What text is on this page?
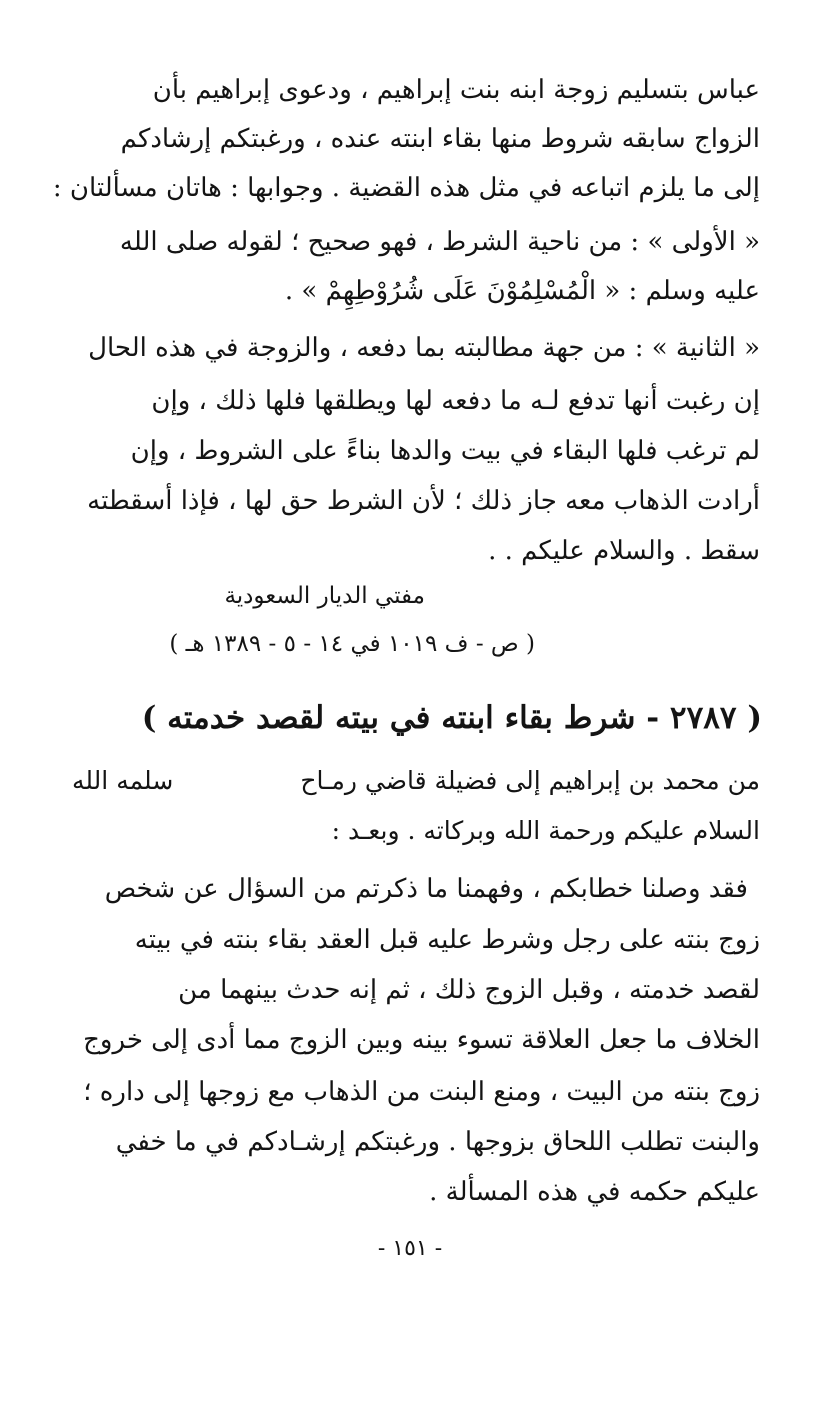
عباس بتسليم زوجة ابنه بنت إبراهيم ، ودعوى إبراهيم بأن
الزواج سابقه شروط منها بقاء ابنته عنده ، ورغبتكم إرشادكم
إلى ما يلزم اتباعه في مثل هذه القضية . وجوابها : هاتان مسألتان :
« الأولى » : من ناحية الشرط ، فهو صحيح ؛ لقوله صلى الله
عليه وسلم : « الْمُسْلِمُوْنَ عَلَى شُرُوْطِهِمْ » .
« الثانية » : من جهة مطالبته بما دفعه ، والزوجة في هذه الحال
إن رغبت أنها تدفع لـه ما دفعه لها ويطلقها فلها ذلك ، وإن
لم ترغب فلها البقاء في بيت والدها بناءً على الشروط ، وإن
أرادت الذهاب معه جاز ذلك ؛ لأن الشرط حق لها ، فإذا أسقطته
سقط . والسلام عليكم . .
مفتي الديار السعودية
( ص - ف ١٠١٩ في ١٤ - ٥ - ١٣٨٩ هـ )
( ٢٧٨٧ - شرط بقاء ابنته في بيته لقصد خدمته )
من محمد بن إبراهيم إلى فضيلة قاضي رمـاح
سلمه الله
السلام عليكم ورحمة الله وبركاته . وبعـد :
فقد وصلنا خطابكم ، وفهمنا ما ذكرتم من السؤال عن شخص
زوج بنته على رجل وشرط عليه قبل العقد بقاء بنته في بيته
لقصد خدمته ، وقبل الزوج ذلك ، ثم إنه حدث بينهما من
الخلاف ما جعل العلاقة تسوء بينه وبين الزوج مما أدى إلى خروج
زوج بنته من البيت ، ومنع البنت من الذهاب مع زوجها إلى داره ؛
والبنت تطلب اللحاق بزوجها . ورغبتكم إرشـادكم في ما خفي
عليكم حكمه في هذه المسألة .
- ١٥١ -
